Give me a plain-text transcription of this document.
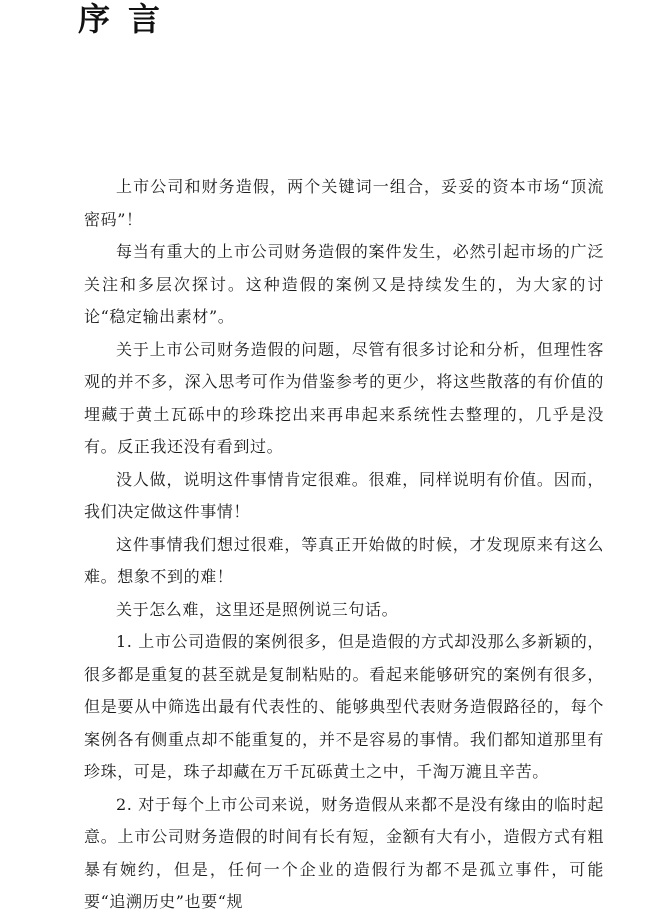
序言

上市公司和财务造假，两个关键词一组合，妥妥的资本市场“顶流密码”！

每当有重大的上市公司财务造假的案件发生，必然引起市场的广泛关注和多层次探讨。这种造假的案例又是持续发生的，为大家的讨论“稳定输出素材”。

关于上市公司财务造假的问题，尽管有很多讨论和分析，但理性客观的并不多，深入思考可作为借鉴参考的更少，将这些散落的有价值的埋藏于黄土瓦砾中的珍珠挖出来再串起来系统性去整理的，几乎是没有。反正我还没有看到过。

没人做，说明这件事情肯定很难。很难，同样说明有价值。因而，我们决定做这件事情！

这件事情我们想过很难，等真正开始做的时候，才发现原来有这么难。想象不到的难！

关于怎么难，这里还是照例说三句话。

1. 上市公司造假的案例很多，但是造假的方式却没那么多新颖的，很多都是重复的甚至就是复制粘贴的。看起来能够研究的案例有很多，但是要从中筛选出最有代表性的、能够典型代表财务造假路径的，每个案例各有侧重点却不能重复的，并不是容易的事情。我们都知道那里有珍珠，可是，珠子却藏在万千瓦砾黄土之中，千淘万漉且辛苦。

2. 对于每个上市公司来说，财务造假从来都不是没有缘由的临时起意。上市公司财务造假的时间有长有短，金额有大有小，造假方式有粗暴有婉约，但是，任何一个企业的造假行为都不是孤立事件，可能要“追溯历史”也要“规
